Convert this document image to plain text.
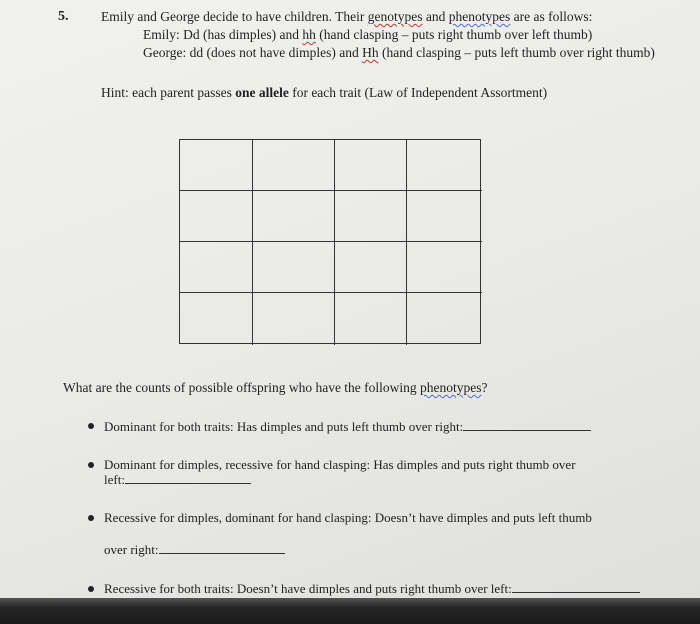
5. Emily and George decide to have children. Their genotypes and phenotypes are as follows:
Emily: Dd (has dimples) and hh (hand clasping – puts right thumb over left thumb)
George: dd (does not have dimples) and Hh (hand clasping – puts left thumb over right thumb)
Hint: each parent passes one allele for each trait (Law of Independent Assortment)
What are the counts of possible offspring who have the following phenotypes?
Dominant for both traits: Has dimples and puts left thumb over right:
Dominant for dimples, recessive for hand clasping: Has dimples and puts right thumb over
left:
Recessive for dimples, dominant for hand clasping: Doesn’t have dimples and puts left thumb
over right:
Recessive for both traits: Doesn’t have dimples and puts right thumb over left:
